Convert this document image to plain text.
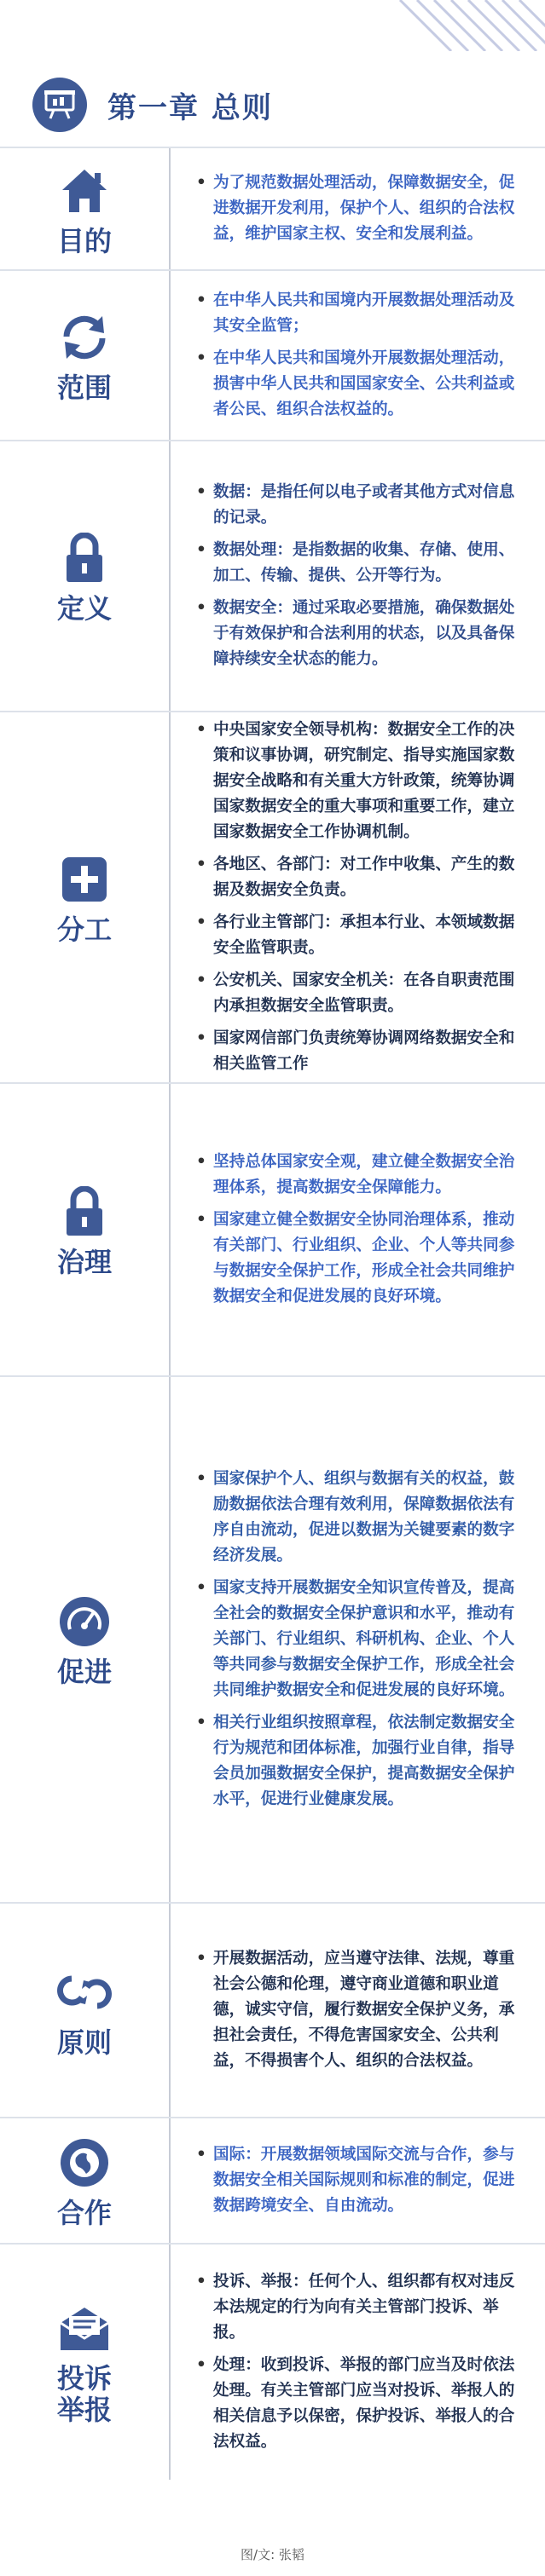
第一章 总则
目的
• 为了规范数据处理活动，保障数据安全，促进数据开发利用，保护个人、组织的合法权益，维护国家主权、安全和发展利益。
范围
• 在中华人民共和国境内开展数据处理活动及其安全监管；
• 在中华人民共和国境外开展数据处理活动，损害中华人民共和国国家安全、公共利益或者公民、组织合法权益的。
定义
• 数据：是指任何以电子或者其他方式对信息的记录。
• 数据处理：是指数据的收集、存储、使用、加工、传输、提供、公开等行为。
• 数据安全：通过采取必要措施，确保数据处于有效保护和合法利用的状态，以及具备保障持续安全状态的能力。
分工
• 中央国家安全领导机构：数据安全工作的决策和议事协调，研究制定、指导实施国家数据安全战略和有关重大方针政策，统筹协调国家数据安全的重大事项和重要工作，建立国家数据安全工作协调机制。
• 各地区、各部门：对工作中收集、产生的数据及数据安全负责。
• 各行业主管部门：承担本行业、本领域数据安全监管职责。
• 公安机关、国家安全机关：在各自职责范围内承担数据安全监管职责。
• 国家网信部门负责统筹协调网络数据安全和相关监管工作
治理
• 坚持总体国家安全观，建立健全数据安全治理体系，提高数据安全保障能力。
• 国家建立健全数据安全协同治理体系，推动有关部门、行业组织、企业、个人等共同参与数据安全保护工作，形成全社会共同维护数据安全和促进发展的良好环境。
促进
• 国家保护个人、组织与数据有关的权益，鼓励数据依法合理有效利用，保障数据依法有序自由流动，促进以数据为关键要素的数字经济发展。
• 国家支持开展数据安全知识宣传普及，提高全社会的数据安全保护意识和水平，推动有关部门、行业组织、科研机构、企业、个人等共同参与数据安全保护工作，形成全社会共同维护数据安全和促进发展的良好环境。
• 相关行业组织按照章程，依法制定数据安全行为规范和团体标准，加强行业自律，指导会员加强数据安全保护，提高数据安全保护水平，促进行业健康发展。
原则
• 开展数据活动，应当遵守法律、法规，尊重社会公德和伦理，遵守商业道德和职业道德，诚实守信，履行数据安全保护义务，承担社会责任，不得危害国家安全、公共利益，不得损害个人、组织的合法权益。
合作
• 国际：开展数据领域国际交流与合作，参与数据安全相关国际规则和标准的制定，促进数据跨境安全、自由流动。
投诉
举报
• 投诉、举报：任何个人、组织都有权对违反本法规定的行为向有关主管部门投诉、举报。
• 处理：收到投诉、举报的部门应当及时依法处理。有关主管部门应当对投诉、举报人的相关信息予以保密，保护投诉、举报人的合法权益。
图/文: 张韬
